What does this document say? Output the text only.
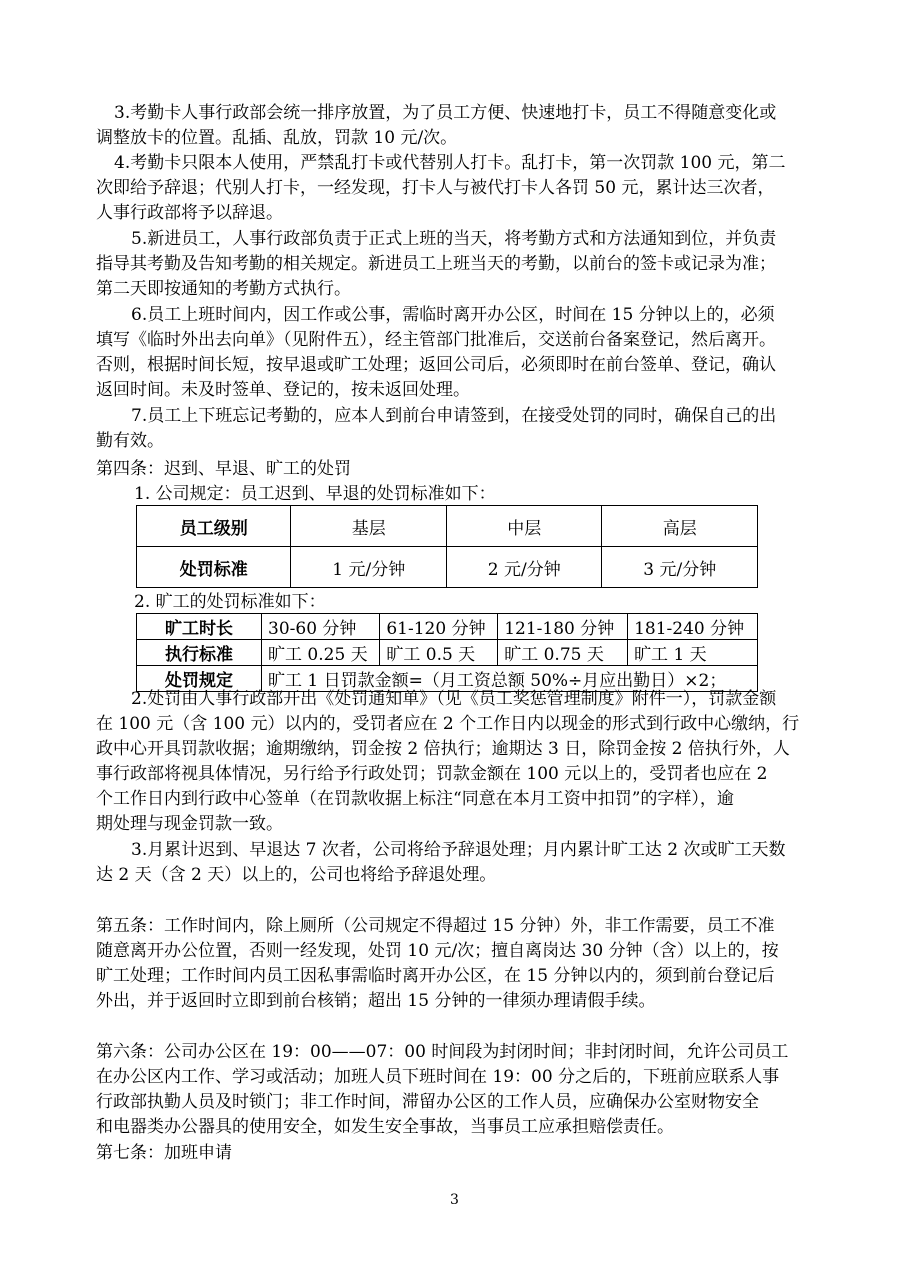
3.考勤卡人事行政部会统一排序放置，为了员工方便、快速地打卡，员工不得随意变化或

调整放卡的位置。乱插、乱放，罚款 10 元/次。

4.考勤卡只限本人使用，严禁乱打卡或代替别人打卡。乱打卡，第一次罚款 100 元，第二

次即给予辞退；代别人打卡，一经发现，打卡人与被代打卡人各罚 50 元，累计达三次者，

人事行政部将予以辞退。

5.新进员工，人事行政部负责于正式上班的当天，将考勤方式和方法通知到位，并负责

指导其考勤及告知考勤的相关规定。新进员工上班当天的考勤，以前台的签卡或记录为准；

第二天即按通知的考勤方式执行。

6.员工上班时间内，因工作或公事，需临时离开办公区，时间在 15 分钟以上的，必须

填写《临时外出去向单》（见附件五），经主管部门批准后，交送前台备案登记，然后离开。

否则，根据时间长短，按早退或旷工处理；返回公司后，必须即时在前台签单、登记，确认

返回时间。未及时签单、登记的，按未返回处理。

7.员工上下班忘记考勤的，应本人到前台申请签到，在接受处罚的同时，确保自己的出

勤有效。

第四条：迟到、早退、旷工的处罚

1. 公司规定：员工迟到、早退的处罚标准如下：

员工级别	基层	中层	高层
处罚标准	1 元/分钟	2 元/分钟	3 元/分钟

2. 旷工的处罚标准如下：

旷工时长	30-60 分钟	61-120 分钟	121-180 分钟	181-240 分钟
执行标准	旷工 0.25 天	旷工 0.5 天	旷工 0.75 天	旷工 1 天
处罚规定	旷工 1 日罚款金额=（月工资总额 50%÷月应出勤日）×2；			

2.处罚由人事行政部开出《处罚通知单》（见《员工奖惩管理制度》附件一），罚款金额

在 100 元（含 100 元）以内的，受罚者应在 2 个工作日内以现金的形式到行政中心缴纳，行

政中心开具罚款收据；逾期缴纳，罚金按 2 倍执行；逾期达 3 日，除罚金按 2 倍执行外，人

事行政部将视具体情况，另行给予行政处罚；罚款金额在 100 元以上的，受罚者也应在 2

个工作日内到行政中心签单（在罚款收据上标注“同意在本月工资中扣罚”的字样），逾

期处理与现金罚款一致。

3.月累计迟到、早退达 7 次者，公司将给予辞退处理；月内累计旷工达 2 次或旷工天数

达 2 天（含 2 天）以上的，公司也将给予辞退处理。

第五条：工作时间内，除上厕所（公司规定不得超过 15 分钟）外，非工作需要，员工不准

随意离开办公位置，否则一经发现，处罚 10 元/次；擅自离岗达 30 分钟（含）以上的，按

旷工处理；工作时间内员工因私事需临时离开办公区，在 15 分钟以内的，须到前台登记后

外出，并于返回时立即到前台核销；超出 15 分钟的一律须办理请假手续。

第六条：公司办公区在 19：00——07：00 时间段为封闭时间；非封闭时间，允许公司员工

在办公区内工作、学习或活动；加班人员下班时间在 19：00 分之后的，下班前应联系人事

行政部执勤人员及时锁门；非工作时间，滞留办公区的工作人员，应确保办公室财物安全

和电器类办公器具的使用安全，如发生安全事故，当事员工应承担赔偿责任。

第七条：加班申请

3
